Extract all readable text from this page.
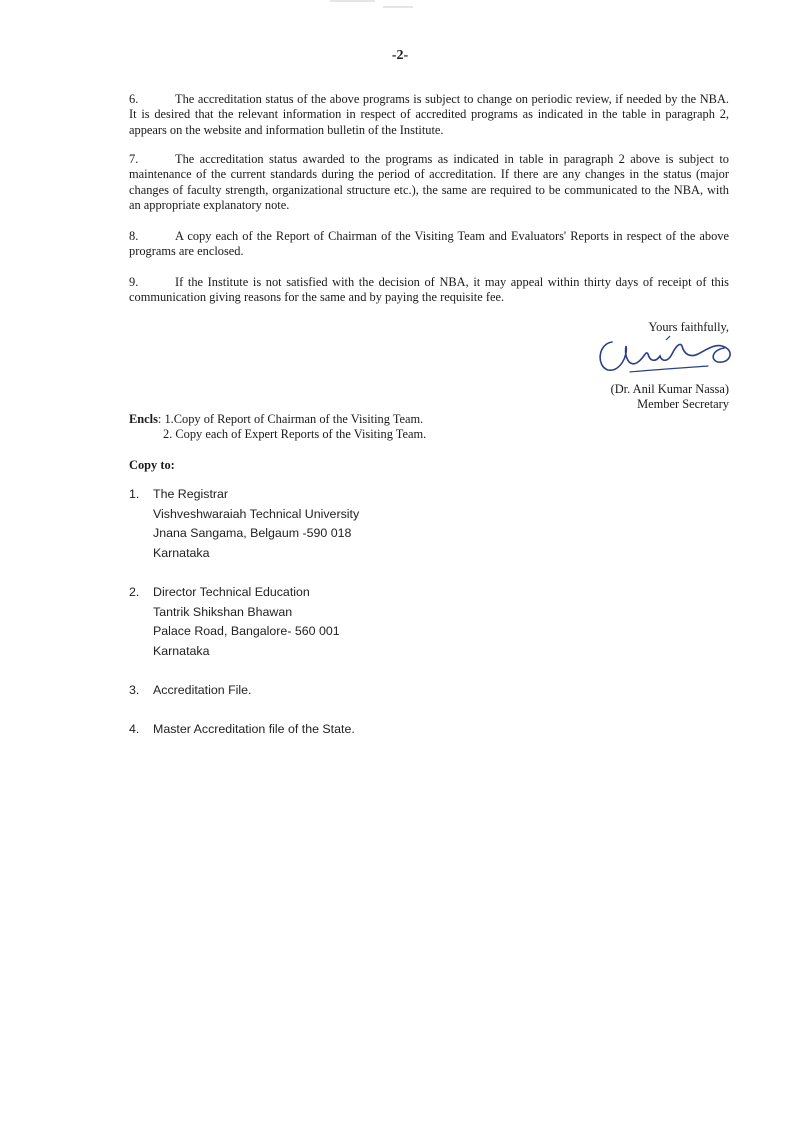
-2-

6.	The accreditation status of the above programs is subject to change on periodic review, if needed by the NBA. It is desired that the relevant information in respect of accredited programs as indicated in the table in paragraph 2, appears on the website and information bulletin of the Institute.

7.	The accreditation status awarded to the programs as indicated in table in paragraph 2 above is subject to maintenance of the current standards during the period of accreditation. If there are any changes in the status (major changes of faculty strength, organizational structure etc.), the same are required to be communicated to the NBA, with an appropriate explanatory note.

8.	A copy each of the Report of Chairman of the Visiting Team and Evaluators' Reports in respect of the above programs are enclosed.

9.	If the Institute is not satisfied with the decision of NBA, it may appeal within thirty days of receipt of this communication giving reasons for the same and by paying the requisite fee.

Yours faithfully,
(Dr. Anil Kumar Nassa)
Member Secretary
Encls: 1.Copy of Report of Chairman of the Visiting Team.
2. Copy each of Expert Reports of the Visiting Team.
Copy to:
1. The Registrar
Vishveshwaraiah Technical University
Jnana Sangama, Belgaum -590 018
Karnataka
2. Director Technical Education
Tantrik Shikshan Bhawan
Palace Road, Bangalore- 560 001
Karnataka
3. Accreditation File.
4. Master Accreditation file of the State.
